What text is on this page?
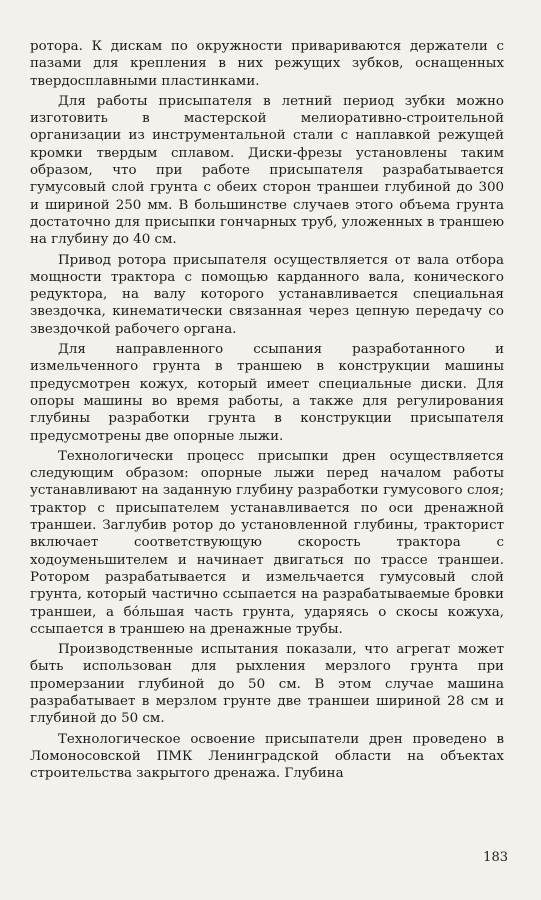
ротора. К дискам по окружности привариваются держатели с пазами для крепления в них режущих зубков, оснащенных твердосплавными пластинками.

Для работы присыпателя в летний период зубки можно изготовить в мастерской мелиоративно-строительной организации из инструментальной стали с наплавкой режущей кромки твердым сплавом. Диски-фрезы установлены таким образом, что при работе присыпателя разрабатывается гумусовый слой грунта с обеих сторон траншеи глубиной до 300 и шириной 250 мм. В большинстве случаев этого объема грунта достаточно для присыпки гончарных труб, уложенных в траншею на глубину до 40 см.

Привод ротора присыпателя осуществляется от вала отбора мощности трактора с помощью карданного вала, конического редуктора, на валу которого устанавливается специальная звездочка, кинематически связанная через цепную передачу со звездочкой рабочего органа.

Для направленного ссыпания разработанного и измельченного грунта в траншею в конструкции машины предусмотрен кожух, который имеет специальные диски. Для опоры машины во время работы, а также для регулирования глубины разработки грунта в конструкции присыпателя предусмотрены две опорные лыжи.

Технологически процесс присыпки дрен осуществляется следующим образом: опорные лыжи перед началом работы устанавливают на заданную глубину разработки гумусового слоя; трактор с присыпателем устанавливается по оси дренажной траншеи. Заглубив ротор до установленной глубины, тракторист включает соответствующую скорость трактора с ходоуменьшителем и начинает двигаться по трассе траншеи. Ротором разрабатывается и измельчается гумусовый слой грунта, который частично ссыпается на разрабатываемые бровки траншеи, а бо́льшая часть грунта, ударяясь о скосы кожуха, ссыпается в траншею на дренажные трубы.

Производственные испытания показали, что агрегат может быть использован для рыхления мерзлого грунта при промерзании глубиной до 50 см. В этом случае машина разрабатывает в мерзлом грунте две траншеи шириной 28 см и глубиной до 50 см.

Технологическое освоение присыпатели дрен проведено в Ломоносовской ПМК Ленинградской области на объектах строительства закрытого дренажа. Глубина

183
